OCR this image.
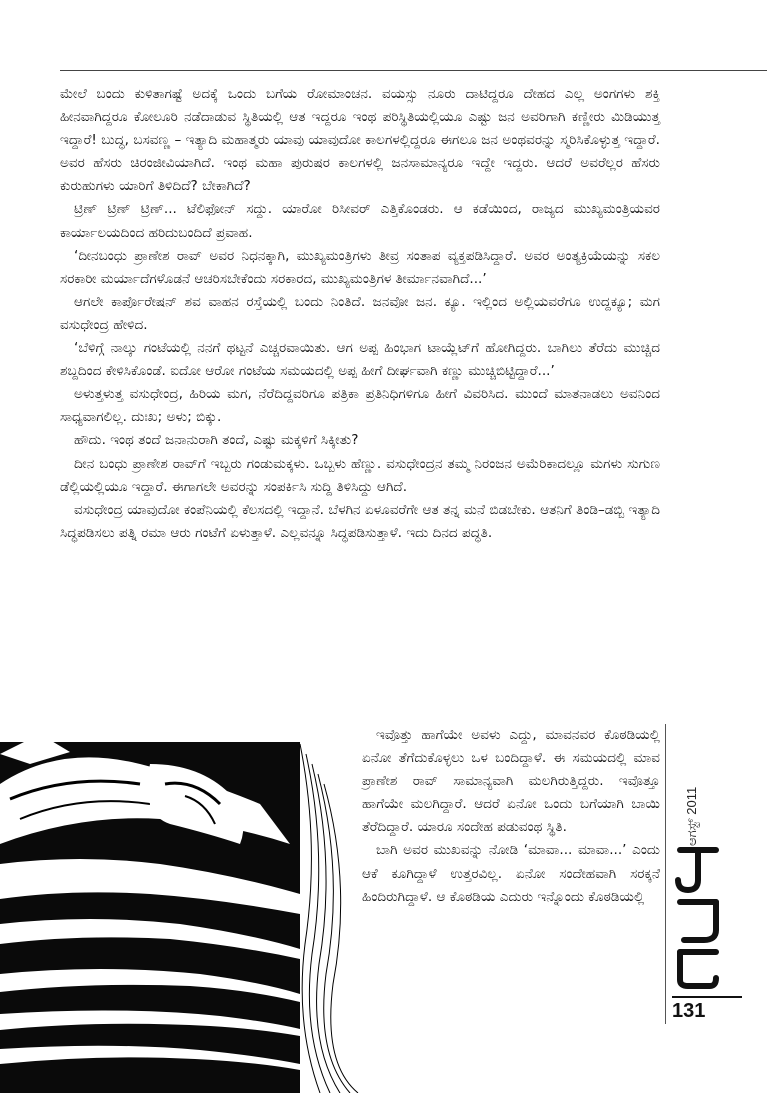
ಮೇಲೆ ಬಂದು ಕುಳಿತಾಗಷ್ಟೆ ಅದಕ್ಕೆ ಒಂದು ಬಗೆಯ ರೋಮಾಂಚನ. ವಯಸ್ಸು ನೂರು ದಾಟಿದ್ದರೂ ದೇಹದ ಎಲ್ಲ ಅಂಗಗಳು ಶಕ್ತಿ ಹೀನವಾಗಿದ್ದರೂ ಕೋಲೂರಿ ನಡೆದಾಡುವ ಸ್ಥಿತಿಯಲ್ಲಿ ಆತ ಇದ್ದರೂ ಇಂಥ ಪರಿಸ್ಥಿತಿಯಲ್ಲಿಯೂ ಎಷ್ಟು ಜನ ಅವರಿಗಾಗಿ ಕಣ್ಣೀರು ಮಿಡಿಯುತ್ತ ಇದ್ದಾರೆ! ಬುದ್ಧ, ಬಸವಣ್ಣ – ಇತ್ಯಾದಿ ಮಹಾತ್ಮರು ಯಾವು ಯಾವುದೋ ಕಾಲಗಳಲ್ಲಿದ್ದರೂ ಈಗಲೂ ಜನ ಅಂಥವರನ್ನು ಸ್ಮರಿಸಿಕೊಳ್ಳುತ್ತ ಇದ್ದಾರೆ. ಅವರ ಹೆಸರು ಚಿರಂಜೀವಿಯಾಗಿದೆ. ಇಂಥ ಮಹಾ ಪುರುಷರ ಕಾಲಗಳಲ್ಲಿ ಜನಸಾಮಾನ್ಯರೂ ಇದ್ದೇ ಇದ್ದರು. ಆದರೆ ಅವರೆಲ್ಲರ ಹೆಸರು ಕುರುಹುಗಳು ಯಾರಿಗೆ ತಿಳಿದಿದೆ? ಬೇಕಾಗಿದೆ?

ಟ್ರಿಣ್ ಟ್ರಿಣ್ ಟ್ರಿಣ್... ಟೆಲಿಫೋನ್ ಸದ್ದು. ಯಾರೋ ರಿಸೀವರ್ ಎತ್ತಿಕೊಂಡರು. ಆ ಕಡೆಯಿಂದ, ರಾಜ್ಯದ ಮುಖ್ಯಮಂತ್ರಿಯವರ ಕಾರ್ಯಾಲಯದಿಂದ ಹರಿದುಬಂದಿದೆ ಪ್ರವಾಹ.

‘ದೀನಬಂಧು ಪ್ರಾಣೇಶ ರಾವ್ ಅವರ ನಿಧನಕ್ಕಾಗಿ, ಮುಖ್ಯಮಂತ್ರಿಗಳು ತೀವ್ರ ಸಂತಾಪ ವ್ಯಕ್ತಪಡಿಸಿದ್ದಾರೆ. ಅವರ ಅಂತ್ಯಕ್ರಿಯೆಯನ್ನು ಸಕಲ ಸರಕಾರೀ ಮರ್ಯಾದೆಗಳೊಡನೆ ಆಚರಿಸಬೇಕೆಂದು ಸರಕಾರದ, ಮುಖ್ಯಮಂತ್ರಿಗಳ ತೀರ್ಮಾನವಾಗಿದೆ...’

ಆಗಲೇ ಕಾರ್ಪೊರೇಷನ್ ಶವ ವಾಹನ ರಸ್ತೆಯಲ್ಲಿ ಬಂದು ನಿಂತಿದೆ. ಜನವೋ ಜನ. ಕ್ಯೂ. ಇಲ್ಲಿಂದ ಅಲ್ಲಿಯವರೆಗೂ ಉದ್ದಕ್ಯೂ; ಮಗ ವಸುಧೇಂದ್ರ ಹೇಳಿದ.

‘ಬೆಳಿಗ್ಗೆ ನಾಲ್ಕು ಗಂಟೆಯಲ್ಲಿ ನನಗೆ ಥಟ್ಟನೆ ಎಚ್ಚರವಾಯಿತು. ಆಗ ಅಪ್ಪ ಹಿಂಭಾಗ ಟಾಯ್ಲೆಟ್‌ಗೆ ಹೋಗಿದ್ದರು. ಬಾಗಿಲು ತೆರೆದು ಮುಚ್ಚಿದ ಶಬ್ದದಿಂದ ಕೇಳಿಸಿಕೊಂಡೆ. ಐದೋ ಆರೋ ಗಂಟೆಯ ಸಮಯದಲ್ಲಿ ಅಪ್ಪ ಹೀಗೆ ದೀರ್ಘವಾಗಿ ಕಣ್ಣು ಮುಚ್ಚಿಬಿಟ್ಟಿದ್ದಾರೆ...’

ಅಳುತ್ತಳುತ್ತ ವಸುಧೇಂದ್ರ, ಹಿರಿಯ ಮಗ, ನೆರೆದಿದ್ದವರಿಗೂ ಪತ್ರಿಕಾ ಪ್ರತಿನಿಧಿಗಳಿಗೂ ಹೀಗೆ ವಿವರಿಸಿದ. ಮುಂದೆ ಮಾತನಾಡಲು ಅವನಿಂದ ಸಾಧ್ಯವಾಗಲಿಲ್ಲ. ದುಃಖ; ಅಳು; ಬಿಕ್ಕು.

ಹೌದು. ಇಂಥ ತಂದೆ ಜನಾನುರಾಗಿ ತಂದೆ, ಎಷ್ಟು ಮಕ್ಕಳಿಗೆ ಸಿಕ್ಕೀತು?

ದೀನ ಬಂಧು ಪ್ರಾಣೇಶ ರಾವ್‌ಗೆ ಇಬ್ಬರು ಗಂಡುಮಕ್ಕಳು. ಒಬ್ಬಳು ಹೆಣ್ಣು. ವಸುಧೇಂದ್ರನ ತಮ್ಮ ನಿರಂಜನ ಅಮೆರಿಕಾದಲ್ಲೂ ಮಗಳು ಸುಗುಣ ಡೆಲ್ಲಿಯಲ್ಲಿಯೂ ಇದ್ದಾರೆ. ಈಗಾಗಲೇ ಅವರನ್ನು ಸಂಪರ್ಕಿಸಿ ಸುದ್ದಿ ತಿಳಿಸಿದ್ದು ಆಗಿದೆ.

ವಸುಧೇಂದ್ರ ಯಾವುದೋ ಕಂಪೆನಿಯಲ್ಲಿ ಕೆಲಸದಲ್ಲಿ ಇದ್ದಾನೆ. ಬೆಳಗಿನ ಏಳೂವರೆಗೇ ಆತ ತನ್ನ ಮನೆ ಬಿಡಬೇಕು. ಆತನಿಗೆ ತಿಂಡಿ–ಡಬ್ಬಿ ಇತ್ಯಾದಿ ಸಿದ್ಧಪಡಿಸಲು ಪತ್ನಿ ರಮಾ ಆರು ಗಂಟೆಗೆ ಏಳುತ್ತಾಳೆ. ಎಲ್ಲವನ್ನೂ ಸಿದ್ಧಪಡಿಸುತ್ತಾಳೆ. ಇದು ದಿನದ ಪದ್ಧತಿ.

ಇವೊತ್ತು ಹಾಗೆಯೇ ಅವಳು ಎದ್ದು, ಮಾವನವರ ಕೊಠಡಿಯಲ್ಲಿ ಏನೋ ತೆಗೆದುಕೊಳ್ಳಲು ಒಳ ಬಂದಿದ್ದಾಳೆ. ಈ ಸಮಯದಲ್ಲಿ ಮಾವ ಪ್ರಾಣೇಶ ರಾವ್ ಸಾಮಾನ್ಯವಾಗಿ ಮಲಗಿರುತ್ತಿದ್ದರು. ಇವೊತ್ತೂ ಹಾಗೆಯೇ ಮಲಗಿದ್ದಾರೆ. ಆದರೆ ಏನೋ ಒಂದು ಬಗೆಯಾಗಿ ಬಾಯಿ ತೆರೆದಿದ್ದಾರೆ. ಯಾರೂ ಸಂದೇಹ ಪಡುವಂಥ ಸ್ಥಿತಿ.

ಬಾಗಿ ಅವರ ಮುಖವನ್ನು ನೋಡಿ ‘ಮಾವಾ... ಮಾವಾ...’ ಎಂದು ಆಕೆ ಕೂಗಿದ್ದಾಳೆ ಉತ್ತರವಿಲ್ಲ. ಏನೋ ಸಂದೇಹವಾಗಿ ಸರಕ್ಕನೆ ಹಿಂದಿರುಗಿದ್ದಾಳೆ. ಆ ಕೊಠಡಿಯ ಎದುರು ಇನ್ನೊಂದು ಕೊಠಡಿಯಲ್ಲಿ

ಆಗಸ್ಟ್ 2011
131
